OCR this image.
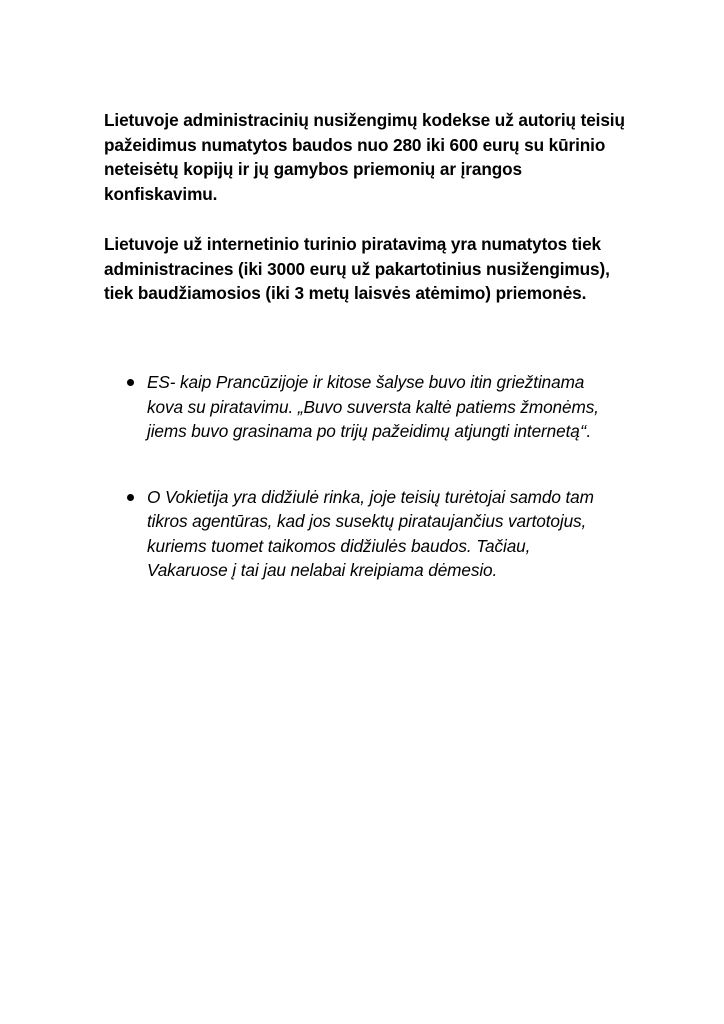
Lietuvoje administracinių nusižengimų kodekse už autorių teisių
pažeidimus numatytos baudos nuo 280 iki 600 eurų su kūrinio
neteisėtų kopijų ir jų gamybos priemonių ar įrangos
konfiskavimu.

Lietuvoje už internetinio turinio piratavimą yra numatytos tiek
administracines (iki 3000 eurų už pakartotinius nusižengimus),
tiek baudžiamosios (iki 3 metų laisvės atėmimo) priemonės.

ES- kaip Prancūzijoje ir kitose šalyse buvo itin griežtinama
kova su piratavimu. „Buvo suversta kaltė patiems žmonėms,
jiems buvo grasinama po trijų pažeidimų atjungti internetą‘‘.
O Vokietija yra didžiulė rinka, joje teisių turėtojai samdo tam
tikros agentūras, kad jos susektų pirataujančius vartotojus,
kuriems tuomet taikomos didžiulės baudos. Tačiau,
Vakaruose į tai jau nelabai kreipiama dėmesio.
